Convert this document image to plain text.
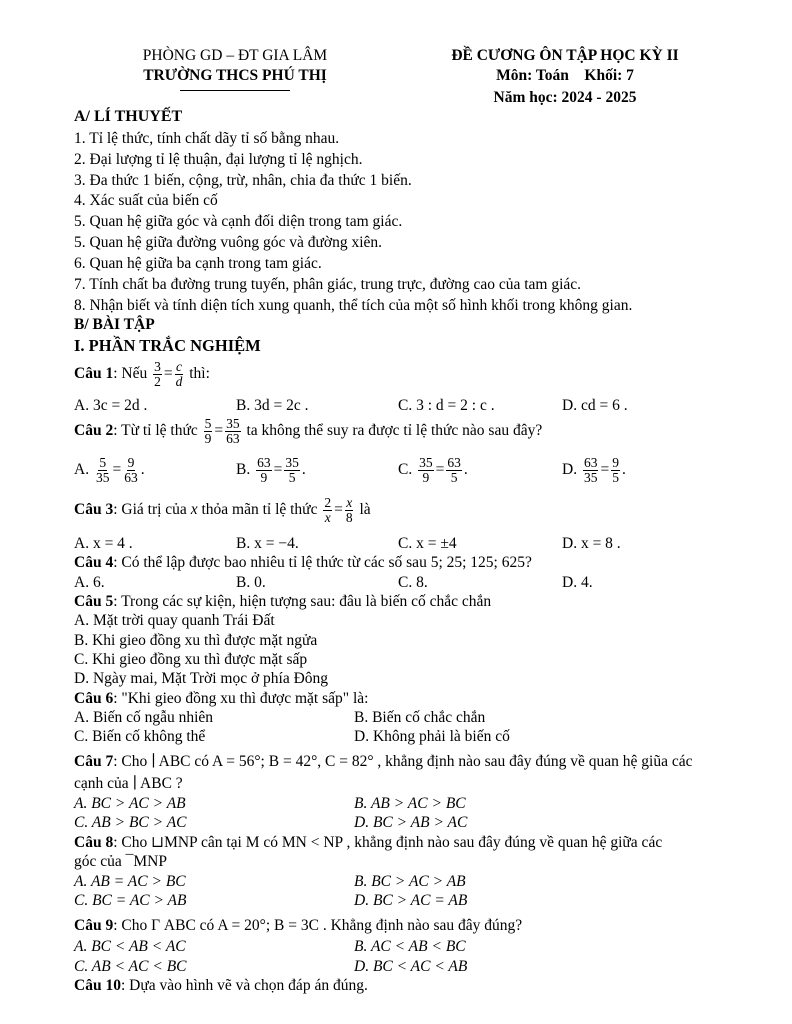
PHÒNG GD – ĐT GIA LÂM
TRƯỜNG THCS PHÚ THỊ
ĐỀ CƯƠNG ÔN TẬP HỌC KỲ II
Môn: Toán    Khối: 7
Năm học: 2024 - 2025
A/ LÍ THUYẾT
1. Tỉ lệ thức, tính chất dãy tỉ số bằng nhau.
2. Đại lượng tỉ lệ thuận, đại lượng tỉ lệ nghịch.
3. Đa thức 1 biến, cộng, trừ, nhân, chia đa thức 1 biến.
4. Xác suất của biến cố
5. Quan hệ giữa góc và cạnh đối diện trong tam giác.
5. Quan hệ giữa đường vuông góc và đường xiên.
6. Quan hệ giữa ba cạnh trong tam giác.
7. Tính chất ba đường trung tuyến, phân giác, trung trực, đường cao của tam giác.
8. Nhận biết và tính diện tích xung quanh, thể tích của một số hình khối trong không gian.
B/ BÀI TẬP
I. PHẦN TRẮC NGHIỆM
Câu 1: Nếu $\frac{3}{2} = \frac{c}{d}$ thì:
A. 3c = 2d .	B. 3d = 2c .	C. 3 : d = 2 : c .	D. cd = 6 .
Câu 2: Từ tỉ lệ thức $\frac{5}{9} = \frac{35}{63}$ ta không thể suy ra được tỉ lệ thức nào sau đây?
A. $\frac{5}{35} = \frac{9}{63}$ .	B. $\frac{63}{9} = \frac{35}{5}$ .	C. $\frac{35}{9} = \frac{63}{5}$ .	D. $\frac{63}{35} = \frac{9}{5}$ .
Câu 3: Giá trị của x thỏa mãn tỉ lệ thức $\frac{2}{x} = \frac{x}{8}$ là
A. x = 4 .	B. x = −4.	C. x = ±4	D. x = 8 .
Câu 4: Có thể lập được bao nhiêu tỉ lệ thức từ các số sau 5; 25; 125; 625?
A. 6.	B. 0.	C. 8.	D. 4.
Câu 5: Trong các sự kiện, hiện tượng sau: đâu là biến cố chắc chắn
A. Mặt trời quay quanh Trái Đất
B. Khi gieo đồng xu thì được mặt ngửa
C. Khi gieo đồng xu thì được mặt sấp
D. Ngày mai, Mặt Trời mọc ở phía Đông
Câu 6: "Khi gieo đồng xu thì được mặt sấp" là:
A. Biến cố ngẫu nhiên	B. Biến cố chắc chắn
C. Biến cố không thể	D. Không phải là biến cố
Câu 7: Cho ∣ ABC có A = 56°; B = 42°, C = 82° , khẳng định nào sau đây đúng về quan hệ giũa các
cạnh của ∣ ABC ?
A. BC > AC > AB	B. AB > AC > BC
C. AB > BC > AC	D. BC > AB > AC
Câu 8: Cho ⊔MNP cân tại M có MN < NP , khẳng định nào sau đây đúng về quan hệ giữa các
góc của ¯MNP
A. AB = AC > BC	B. BC > AC > AB
C. BC = AC > AB	D. BC > AC = AB
Câu 9: Cho Γ ABC có A = 20°; B = 3C . Khẳng định nào sau đây đúng?
A. BC < AB < AC	B. AC < AB < BC
C. AB < AC < BC	D. BC < AC < AB
Câu 10: Dựa vào hình vẽ và chọn đáp án đúng.
